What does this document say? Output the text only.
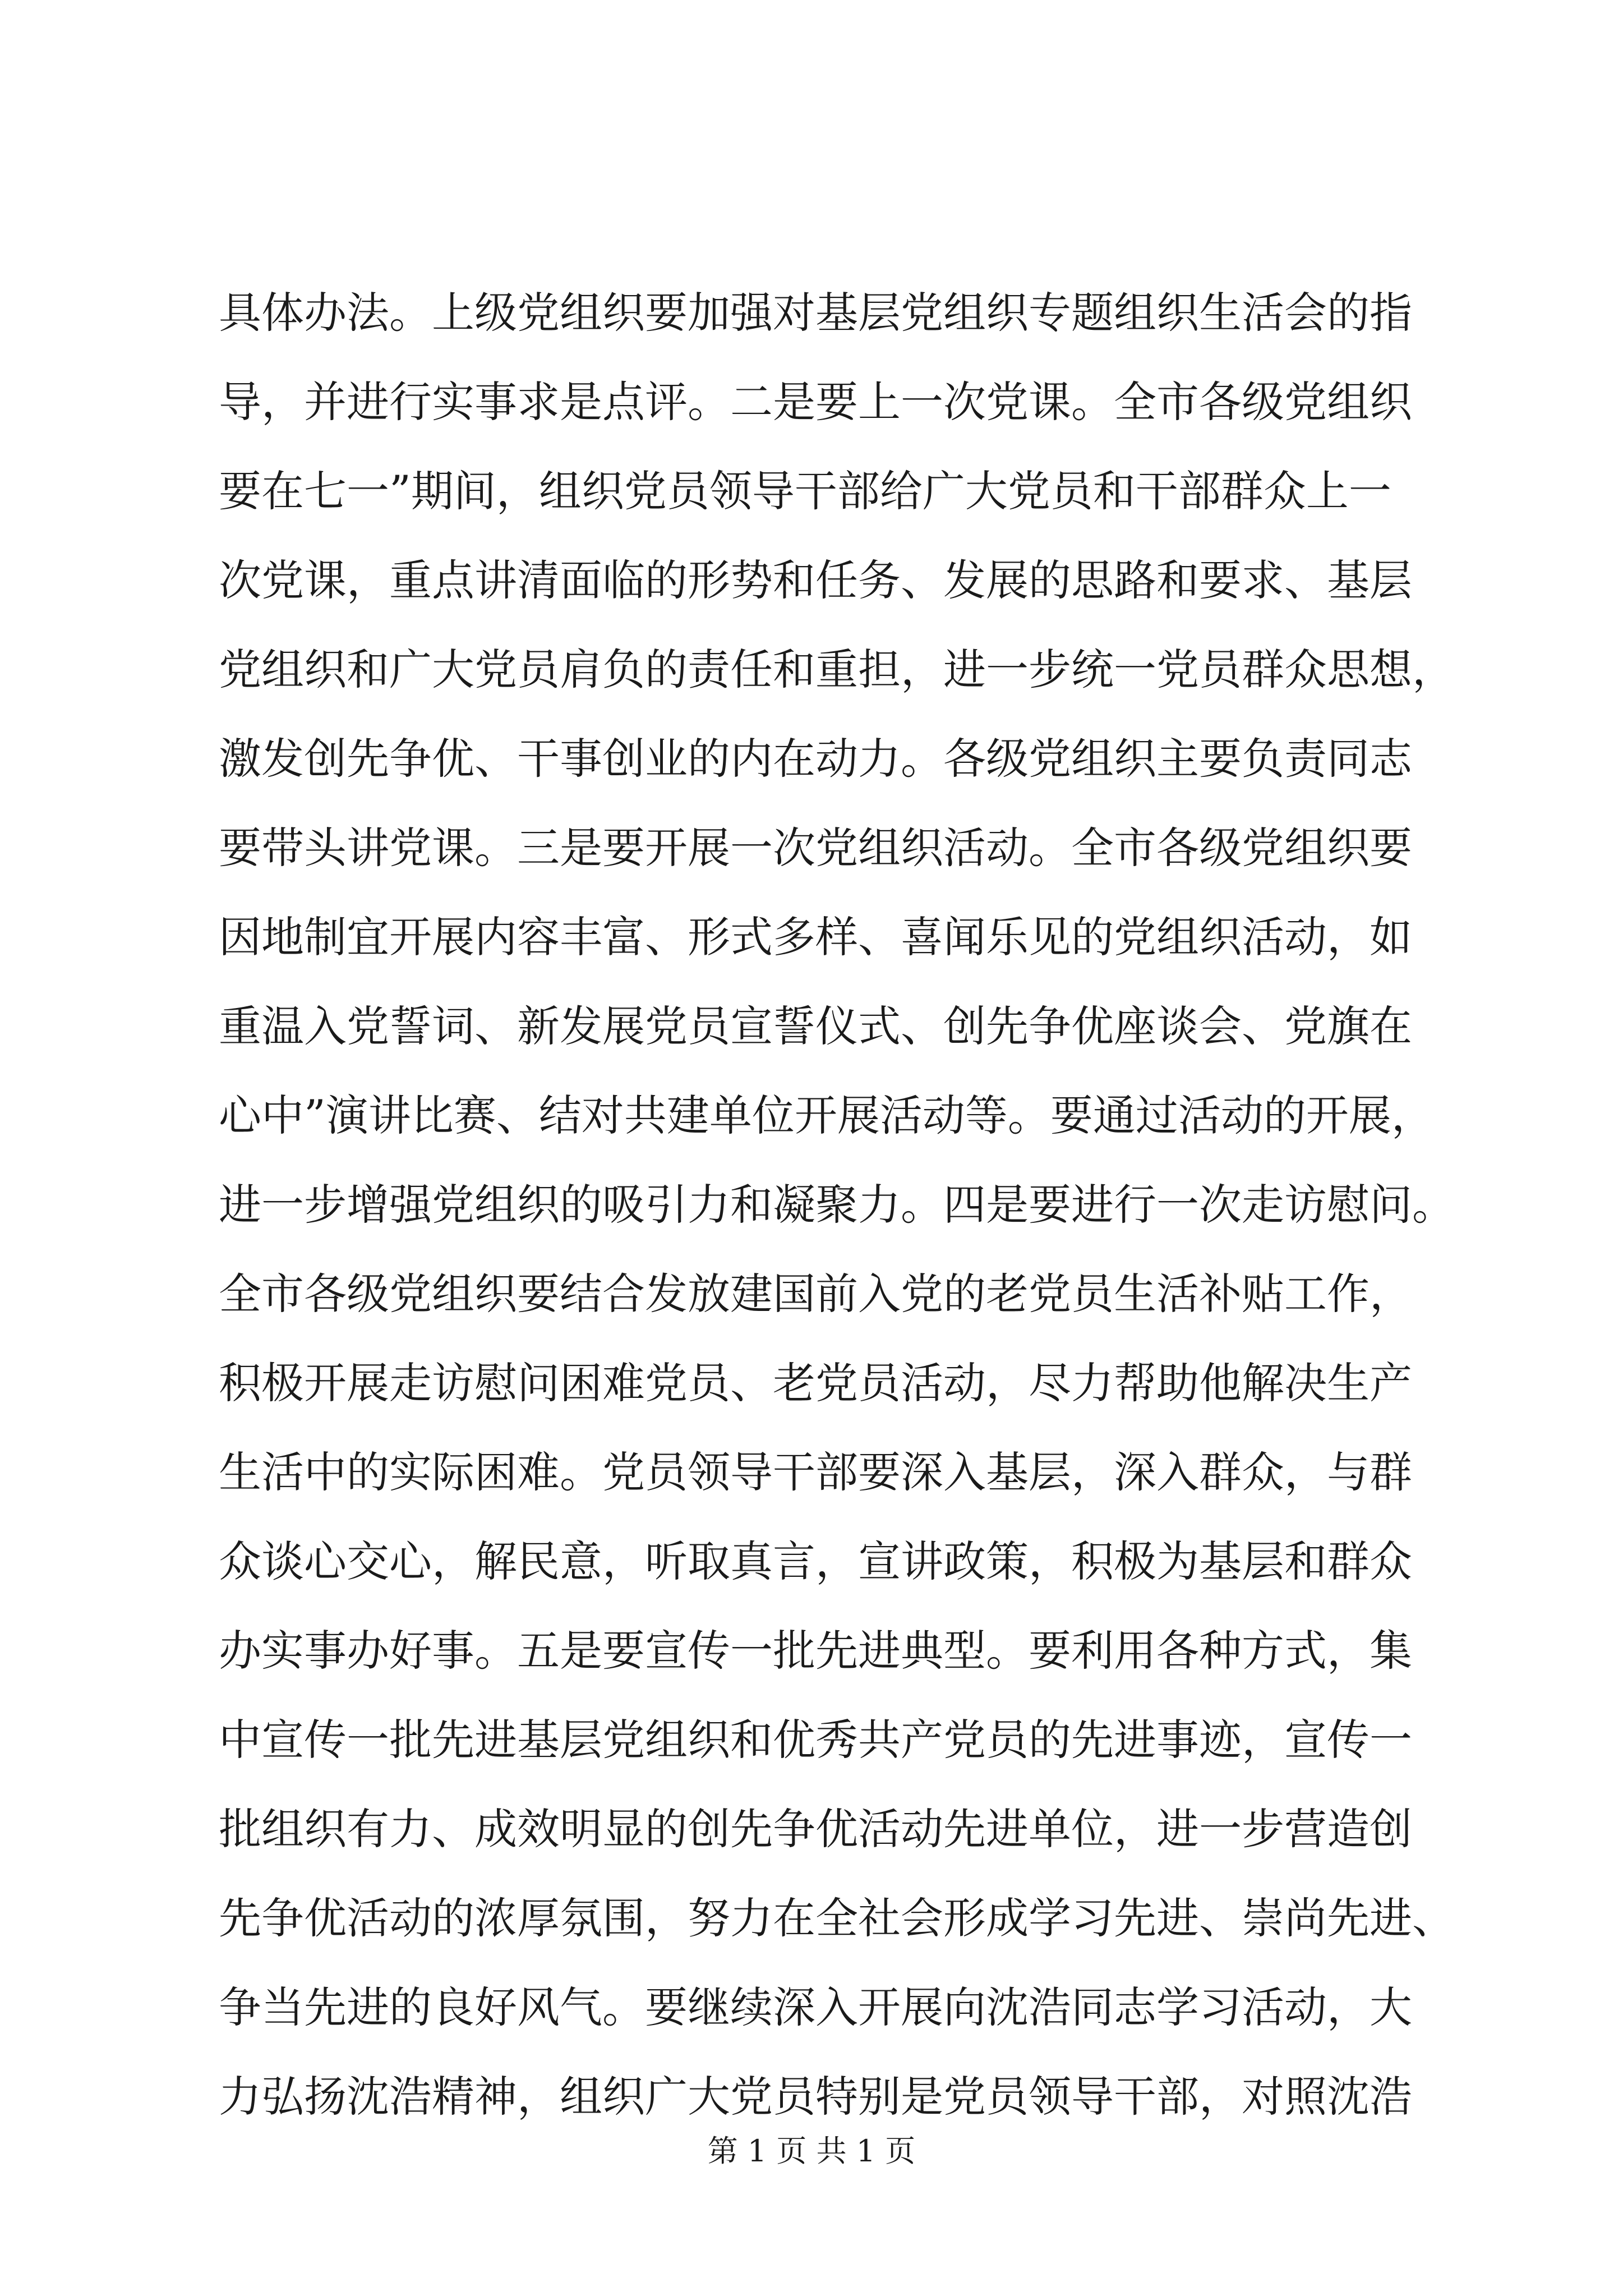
具体办法。上级党组织要加强对基层党组织专题组织生活会的指
导，并进行实事求是点评。二是要上一次党课。全市各级党组织
要在七一”期间，组织党员领导干部给广大党员和干部群众上一
次党课，重点讲清面临的形势和任务、发展的思路和要求、基层
党组织和广大党员肩负的责任和重担，进一步统一党员群众思想，
激发创先争优、干事创业的内在动力。各级党组织主要负责同志
要带头讲党课。三是要开展一次党组织活动。全市各级党组织要
因地制宜开展内容丰富、形式多样、喜闻乐见的党组织活动，如
重温入党誓词、新发展党员宣誓仪式、创先争优座谈会、党旗在
心中”演讲比赛、结对共建单位开展活动等。要通过活动的开展，
进一步增强党组织的吸引力和凝聚力。四是要进行一次走访慰问。
全市各级党组织要结合发放建国前入党的老党员生活补贴工作，
积极开展走访慰问困难党员、老党员活动，尽力帮助他解决生产
生活中的实际困难。党员领导干部要深入基层，深入群众，与群
众谈心交心，解民意，听取真言，宣讲政策，积极为基层和群众
办实事办好事。五是要宣传一批先进典型。要利用各种方式，集
中宣传一批先进基层党组织和优秀共产党员的先进事迹，宣传一
批组织有力、成效明显的创先争优活动先进单位，进一步营造创
先争优活动的浓厚氛围，努力在全社会形成学习先进、崇尚先进、
争当先进的良好风气。要继续深入开展向沈浩同志学习活动，大
力弘扬沈浩精神，组织广大党员特别是党员领导干部，对照沈浩
第 1 页 共 1 页
